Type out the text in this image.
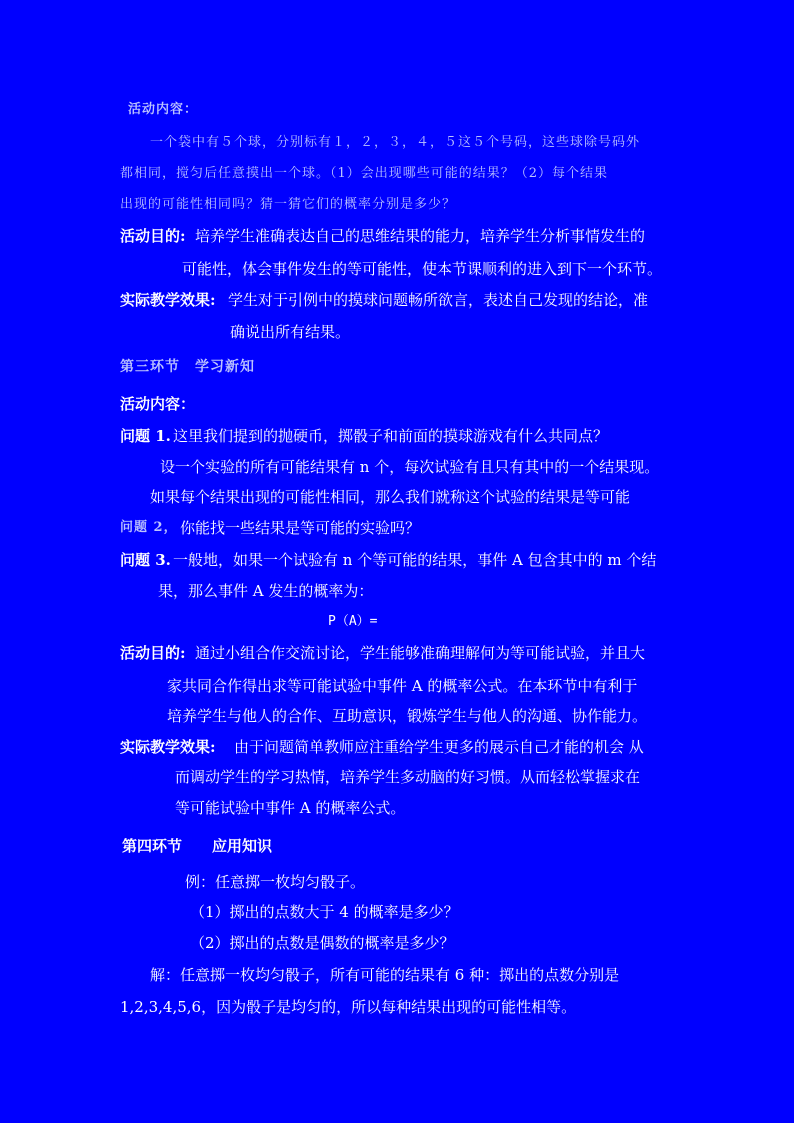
活动内容：
一个袋中有５个球，分别标有１，２，３，４，５这５个号码，这些球除号码外
都相同，搅匀后任意摸出一个球。（1）会出现哪些可能的结果？（2）每个结果
出现的可能性相同吗？猜一猜它们的概率分别是多少？
活动目的: 培养学生准确表达自己的思维结果的能力，培养学生分析事情发生的
可能性，体会事件发生的等可能性，使本节课顺利的进入到下一个环节。
实际教学效果: 学生对于引例中的摸球问题畅所欲言，表述自己发现的结论，准
确说出所有结果。
第三环节　学习新知
活动内容：
问题 1. 这里我们提到的抛硬币，掷骰子和前面的摸球游戏有什么共同点？
设一个实验的所有可能结果有 n 个，每次试验有且只有其中的一个结果现。
如果每个结果出现的可能性相同，那么我们就称这个试验的结果是等可能
问题 2， 你能找一些结果是等可能的实验吗？
问题 3. 一般地，如果一个试验有 n 个等可能的结果，事件 A 包含其中的 m 个结
果，那么事件 A 发生的概率为：
P（A）=
活动目的: 通过小组合作交流讨论，学生能够准确理解何为等可能试验，并且大
家共同合作得出求等可能试验中事件 A 的概率公式。在本环节中有利于
培养学生与他人的合作、互助意识，锻炼学生与他人的沟通、协作能力。
实际教学效果: 由于问题简单教师应注重给学生更多的展示自己才能的机会 从
而调动学生的学习热情，培养学生多动脑的好习惯。从而轻松掌握求在
等可能试验中事件 A 的概率公式。
第四环节　　应用知识
例：任意掷一枚均匀骰子。
（1）掷出的点数大于 4 的概率是多少？
（2）掷出的点数是偶数的概率是多少？
解：任意掷一枚均匀骰子，所有可能的结果有 6 种：掷出的点数分别是
1,2,3,4,5,6，因为骰子是均匀的，所以每种结果出现的可能性相等。
